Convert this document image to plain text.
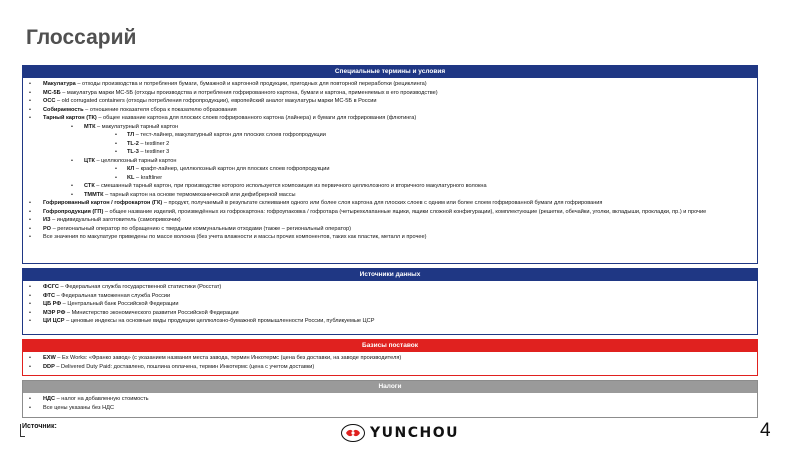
Глоссарий
Специальные термины и условия
• Макулатура – отходы производства и потребления бумаги, бумажной и картонной продукции, пригодных для повторной переработки (рециклинга)
• МС-5Б – макулатура марки МС-5Б (отходы производства и потребления гофрированного картона, бумаги и картона, применяемых в его производстве)
• OCC – old corrugated containers (отходы потребления гофропродукции), европейский аналог макулатуры марки МС-5Б в России
• Собираемость – отношение показателя сбора к показателю образования
• Тарный картон (ТК) – общее название картона для плоских слоев гофрированного картона (лайнера) и бумаги для гофрирования (флютинга)
• МТК – макулатурный тарный картон
• ТЛ – тест-лайнер, макулатурный картон для плоских слоев гофропродукции
• TL-2 – testliner 2
• TL-3 – testliner 3
• ЦТК – целлюлозный тарный картон
• КЛ – крафт-лайнер, целлюлозный картон для плоских слоев гофропродукции
• KL – kraftliner
• СТК – смешанный тарный картон, при производстве которого используется композиция из первичного целлюлозного и вторичного макулатурного волокна
• ТММТК – тарный картон на основе термомеханической или дефибрерной массы
• Гофрированный картон / гофрокартон (ГК) – продукт, получаемый в результате склеивания одного или более слоя картона для плоских слоев с одним или более слоем гофрированной бумаги для гофрирования
• Гофропродукция (ГП) – общее название изделий, произведённых из гофрокартона: гофроупаковка / гофротара (четырехклапанные ящики, ящики сложной конфигурации), комплектующие (решетки, обечайки, уголки, вкладыши, прокладки, пр.) и прочие
• ИЗ – индивидуальный заготовитель (самопривозчик)
• РО – региональный оператор по обращению с твердыми коммунальными отходами (также – региональный оператор)
• Все значения по макулатуре приведены по массе волокна (без учета влажности и массы прочих компонентов, таких как пластик, металл и прочее)
Источники данных
• ФСГС – Федеральная служба государственной статистики (Росстат)
• ФТС – Федеральная таможенная служба России
• ЦБ РФ – Центральный банк Российской Федерации
• МЭР РФ – Министерство экономического развития Российской Федерации
• ЦИ ЦСР – ценовые индексы на основные виды продукции целлюлозно-бумажной промышленности России, публикуемые ЦСР
Базисы поставок
• EXW – Ex Works: «Франко завод» (с указанием названия места завода, термин Инкотермс (цена без доставки, на заводе производителя)
• DDP – Delivered Duty Paid: доставлено, пошлина оплачена, термин Инкотермс (цена с учетом доставки)
Налоги
• НДС – налог на добавленную стоимость
• Все цены указаны без НДС
Источник:	YUNCHOU	4
